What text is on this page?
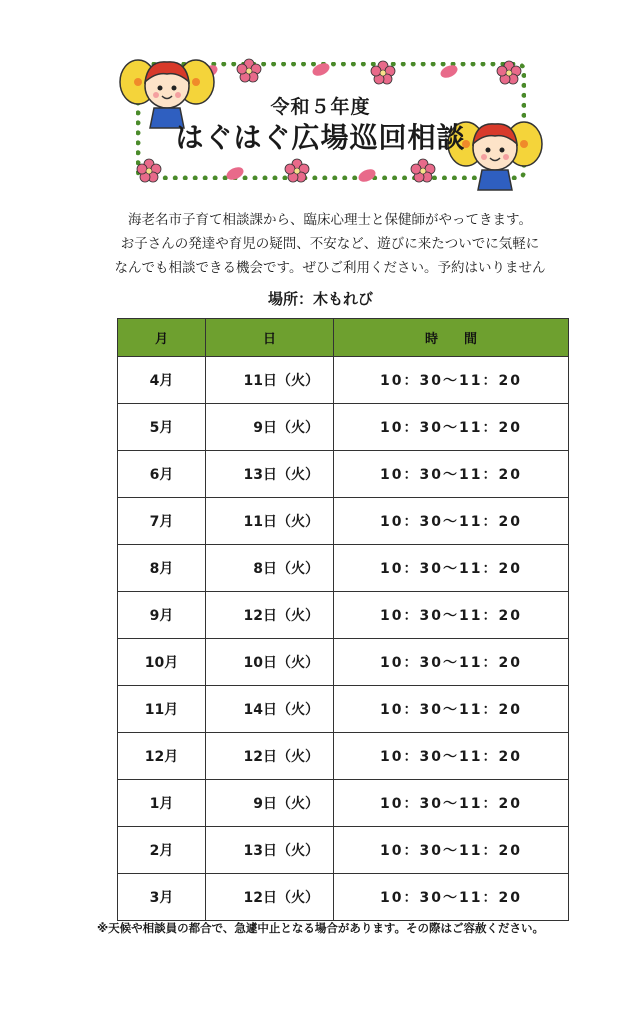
令和５年度
はぐはぐ広場巡回相談
海老名市子育て相談課から、臨床心理士と保健師がやってきます。
お子さんの発達や育児の疑問、不安など、遊びに来たついでに気軽に
なんでも相談できる機会です。ぜひご利用ください。予約はいりません
場所：木もれび
月	日	時　　間
4月	11日（火）	10：30～11：20
5月	9日（火）	10：30～11：20
6月	13日（火）	10：30～11：20
7月	11日（火）	10：30～11：20
8月	8日（火）	10：30～11：20
9月	12日（火）	10：30～11：20
10月	10日（火）	10：30～11：20
11月	14日（火）	10：30～11：20
12月	12日（火）	10：30～11：20
1月	9日（火）	10：30～11：20
2月	13日（火）	10：30～11：20
3月	12日（火）	10：30～11：20
※天候や相談員の都合で、急遽中止となる場合があります。その際はご容赦ください。
